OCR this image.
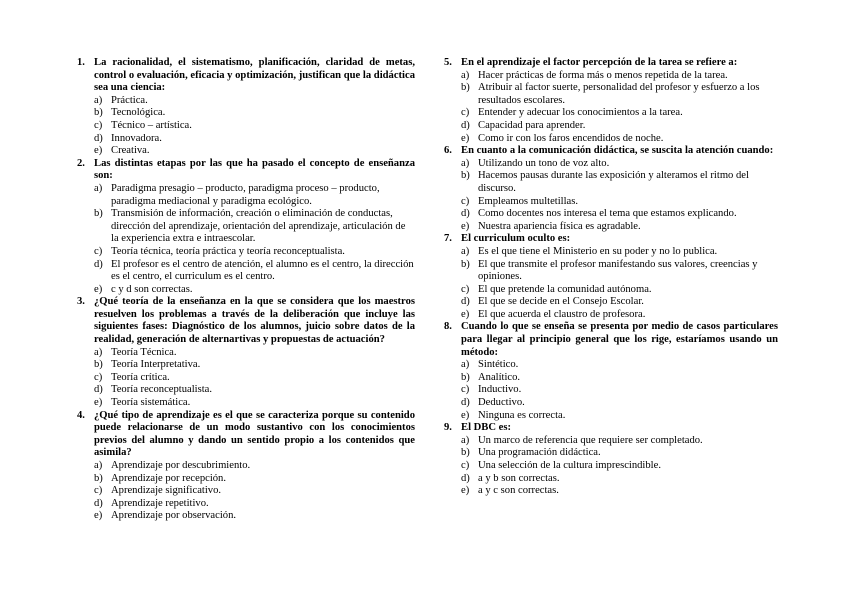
1. La racionalidad, el sistematismo, planificación, claridad de metas, control o evaluación, eficacia y optimización, justifican que la didáctica sea una ciencia:
a) Práctica.
b) Tecnológica.
c) Técnico – artística.
d) Innovadora.
e) Creativa.
2. Las distintas etapas por las que ha pasado el concepto de enseñanza son:
a) Paradigma presagio – producto, paradigma proceso – producto, paradigma mediacional y paradigma ecológico.
b) Transmisión de información, creación o eliminación de conductas, dirección del aprendizaje, orientación del aprendizaje, articulación de la experiencia extra e intraescolar.
c) Teoría técnica, teoría práctica y teoría reconceptualista.
d) El profesor es el centro de atención, el alumno es el centro, la dirección es el centro, el curriculum es el centro.
e) c y d son correctas.
3. ¿Qué teoría de la enseñanza en la que se considera que los maestros resuelven los problemas a través de la deliberación que incluye las siguientes fases: Diagnóstico de los alumnos, juicio sobre datos de la realidad, generación de alternartivas y propuestas de actuación?
a) Teoría Técnica.
b) Teoría Interpretativa.
c) Teoría crítica.
d) Teoría reconceptualista.
e) Teoría sistemática.
4. ¿Qué tipo de aprendizaje es el que se caracteriza porque su contenido puede relacionarse de un modo sustantivo con los conocimientos previos del alumno y dando un sentido propio a los contenidos que asimila?
a) Aprendizaje por descubrimiento.
b) Aprendizaje por recepción.
c) Aprendizaje significativo.
d) Aprendizaje repetitivo.
e) Aprendizaje por observación.
5. En el aprendizaje el factor percepción de la tarea se refiere a:
a) Hacer prácticas de forma más o menos repetida de la tarea.
b) Atribuir al factor suerte, personalidad del profesor y esfuerzo a los resultados escolares.
c) Entender y adecuar los conocimientos a la tarea.
d) Capacidad para aprender.
e) Como ir con los faros encendidos de noche.
6. En cuanto a la comunicación didáctica, se suscita la atención cuando:
a) Utilizando un tono de voz alto.
b) Hacemos pausas durante las exposición y alteramos el ritmo del discurso.
c) Empleamos multetillas.
d) Como docentes nos interesa el tema que estamos explicando.
e) Nuestra apariencia física es agradable.
7. El curriculum oculto es:
a) Es el que tiene el Ministerio en su poder y no lo publica.
b) El que transmite el profesor manifestando sus valores, creencias y opiniones.
c) El que pretende la comunidad autónoma.
d) El que se decide en el Consejo Escolar.
e) El que acuerda el claustro de profesora.
8. Cuando lo que se enseña se presenta por medio de casos particulares para llegar al principio general que los rige, estaríamos usando un método:
a) Sintético.
b) Analítico.
c) Inductivo.
d) Deductivo.
e) Ninguna es correcta.
9. El DBC es:
a) Un marco de referencia que requiere ser completado.
b) Una programación didáctica.
c) Una selección de la cultura imprescindible.
d) a y b son correctas.
e) a y c son correctas.
